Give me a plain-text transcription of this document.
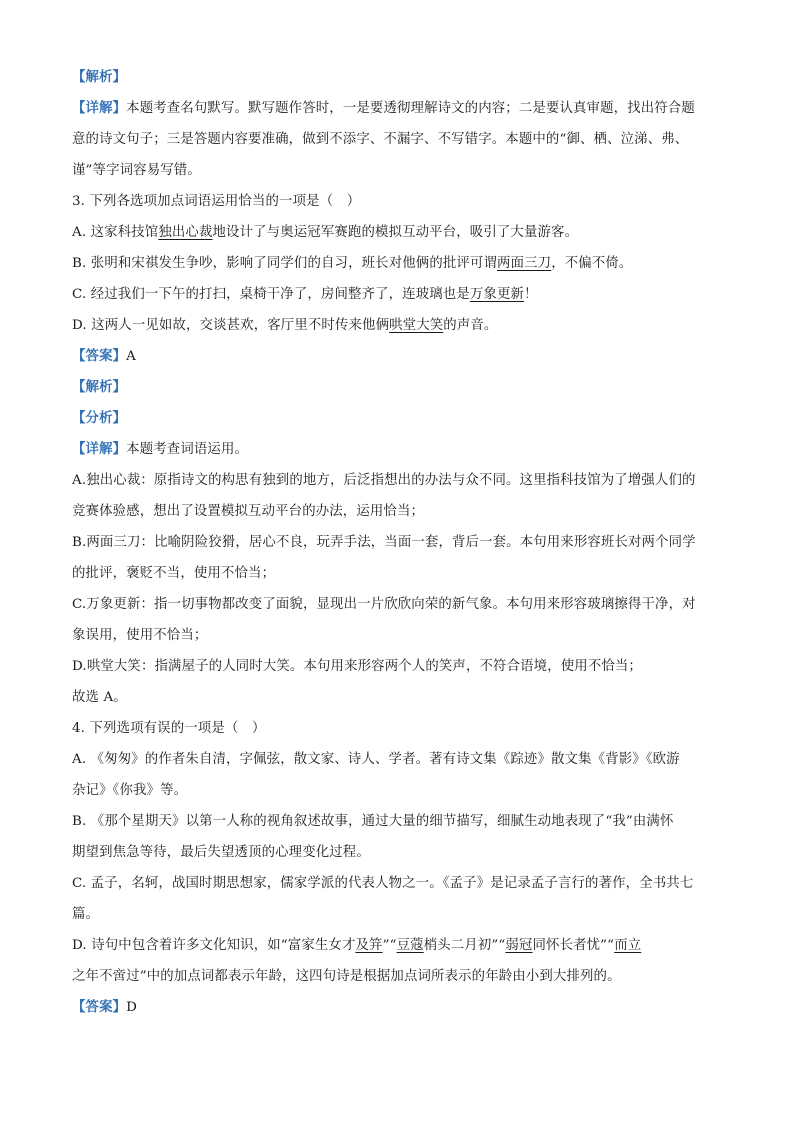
【解析】
【详解】本题考查名句默写。默写题作答时，一是要透彻理解诗文的内容；二是要认真审题，找出符合题
意的诗文句子；三是答题内容要准确，做到不添字、不漏字、不写错字。本题中的“御、栖、泣涕、弗、
谨”等字词容易写错。
3. 下列各选项加点词语运用恰当的一项是（　）
A. 这家科技馆独出心裁地设计了与奥运冠军赛跑的模拟互动平台，吸引了大量游客。
B. 张明和宋祺发生争吵，影响了同学们的自习，班长对他俩的批评可谓两面三刀，不偏不倚。
C. 经过我们一下午的打扫，桌椅干净了，房间整齐了，连玻璃也是万象更新！
D. 这两人一见如故，交谈甚欢，客厅里不时传来他俩哄堂大笑的声音。
【答案】A
【解析】
【分析】
【详解】本题考查词语运用。
A.独出心裁：原指诗文的构思有独到的地方，后泛指想出的办法与众不同。这里指科技馆为了增强人们的
竞赛体验感，想出了设置模拟互动平台的办法，运用恰当；
B.两面三刀：比喻阴险狡猾，居心不良，玩弄手法，当面一套，背后一套。本句用来形容班长对两个同学
的批评，褒贬不当，使用不恰当；
C.万象更新：指一切事物都改变了面貌，显现出一片欣欣向荣的新气象。本句用来形容玻璃擦得干净，对
象误用，使用不恰当；
D.哄堂大笑：指满屋子的人同时大笑。本句用来形容两个人的笑声，不符合语境，使用不恰当；
故选 A。
4. 下列选项有误的一项是（　）
A. 《匆匆》的作者朱自清，字佩弦，散文家、诗人、学者。著有诗文集《踪迹》散文集《背影》《欧游
杂记》《你我》等。
B. 《那个星期天》以第一人称的视角叙述故事，通过大量的细节描写，细腻生动地表现了“我”由满怀
期望到焦急等待，最后失望透顶的心理变化过程。
C. 孟子，名轲，战国时期思想家，儒家学派的代表人物之一。《孟子》是记录孟子言行的著作，全书共七
篇。
D. 诗句中包含着许多文化知识，如“富家生女才及笄”“豆蔻梢头二月初”“弱冠同怀长者忧”“而立
之年不啻过”中的加点词都表示年龄，这四句诗是根据加点词所表示的年龄由小到大排列的。
【答案】D
